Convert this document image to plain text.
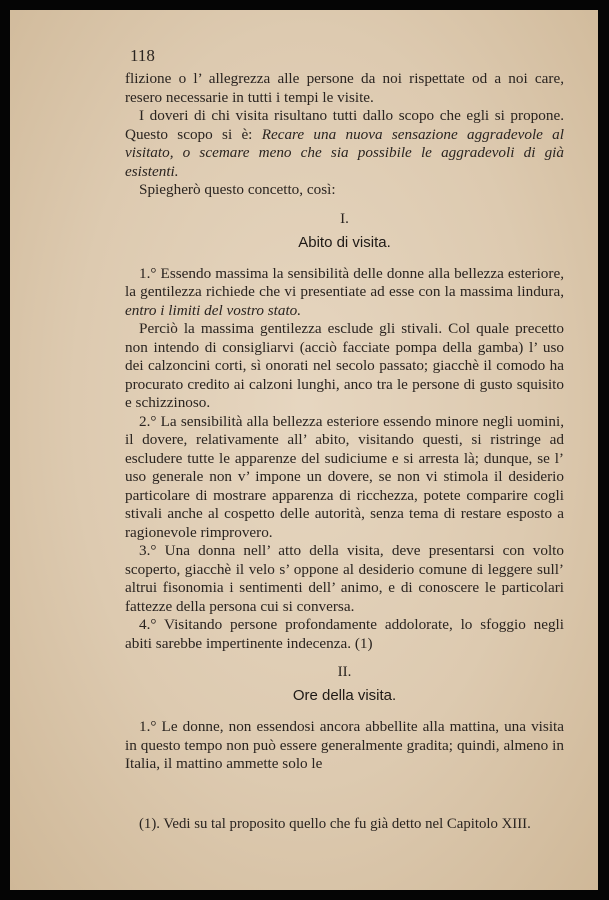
118

flizione o l’ allegrezza alle persone da noi rispettate od a noi care, resero necessarie in tutti i tempi le visite.

I doveri di chi visita risultano tutti dallo scopo che egli si propone. Questo scopo si è: Recare una nuova sensazione aggradevole al visitato, o scemare meno che sia possibile le aggradevoli di già esistenti.

Spiegherò questo concetto, così:

I.
Abito di visita.

1.° Essendo massima la sensibilità delle donne alla bellezza esteriore, la gentilezza richiede che vi presentiate ad esse con la massima lindura, entro i limiti del vostro stato.

Perciò la massima gentilezza esclude gli stivali. Col quale precetto non intendo di consigliarvi (acciò facciate pompa della gamba) l’ uso dei calzoncini corti, sì onorati nel secolo passato; giacchè il comodo ha procurato credito ai calzoni lunghi, anco tra le persone di gusto squisito e schizzinoso.

2.° La sensibilità alla bellezza esteriore essendo minore negli uomini, il dovere, relativamente all’ abito, visitando questi, si ristringe ad escludere tutte le apparenze del sudiciume e si arresta là; dunque, se l’ uso generale non v’ impone un dovere, se non vi stimola il desiderio particolare di mostrare apparenza di ricchezza, potete comparire cogli stivali anche al cospetto delle autorità, senza tema di restare esposto a ragionevole rimprovero.

3.° Una donna nell’ atto della visita, deve presentarsi con volto scoperto, giacchè il velo s’ oppone al desiderio comune di leggere sull’ altrui fisonomia i sentimenti dell’ animo, e di conoscere le particolari fattezze della persona cui si conversa.

4.° Visitando persone profondamente addolorate, lo sfoggio negli abiti sarebbe impertinente indecenza. (1)

II.
Ore della visita.

1.° Le donne, non essendosi ancora abbellite alla mattina, una visita in questo tempo non può essere generalmente gradita; quindi, almeno in Italia, il mattino ammette solo le

(1). Vedi su tal proposito quello che fu già detto nel Capitolo XIII.
